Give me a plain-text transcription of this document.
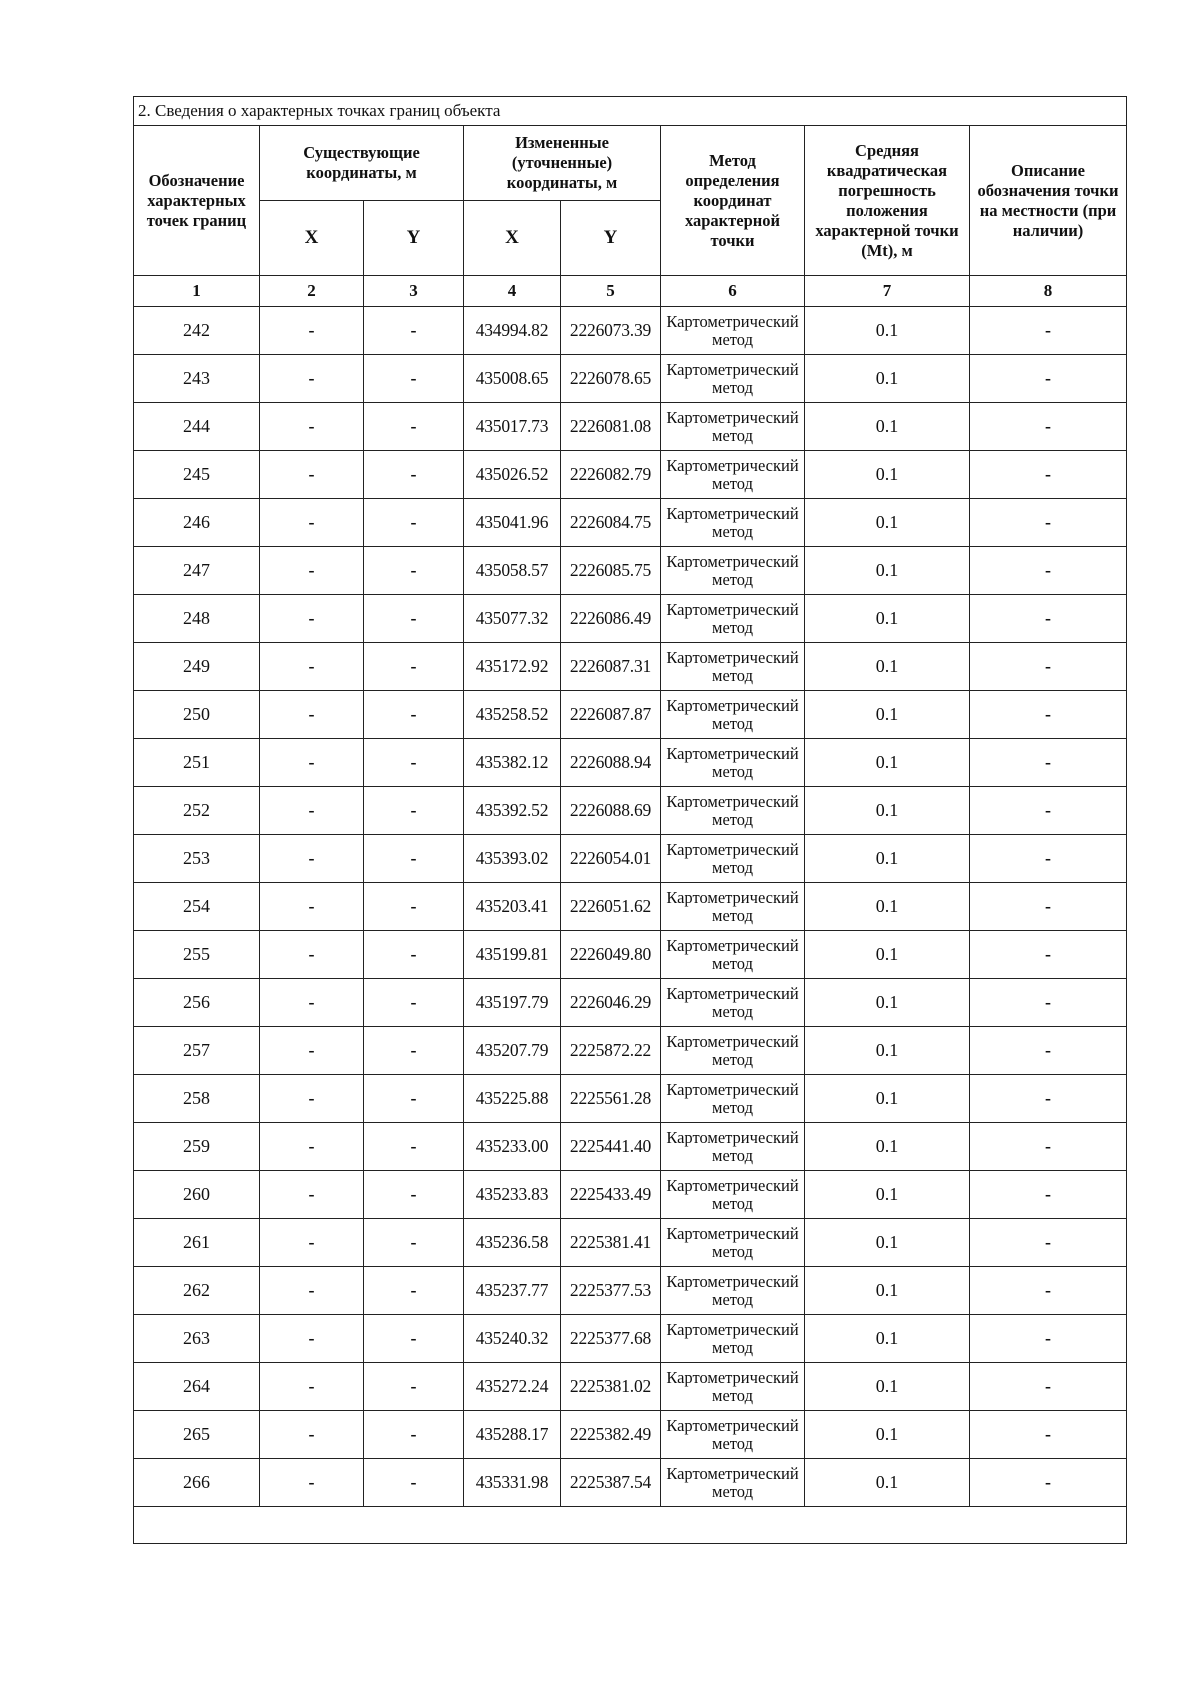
2. Сведения о характерных точках границ объекта							
Обозначение характерных точек границ	Существующие координаты, м		Измененные (уточненные) координаты, м		Метод определения координат характерной точки	Средняя квадратическая погрешность положения характерной точки (Mt), м	Описание обозначения точки на местности (при наличии)
	X	Y	X	Y			
1	2	3	4	5	6	7	8
242	-	-	434994.82	2226073.39	Картометрический метод	0.1	-
243	-	-	435008.65	2226078.65	Картометрический метод	0.1	-
244	-	-	435017.73	2226081.08	Картометрический метод	0.1	-
245	-	-	435026.52	2226082.79	Картометрический метод	0.1	-
246	-	-	435041.96	2226084.75	Картометрический метод	0.1	-
247	-	-	435058.57	2226085.75	Картометрический метод	0.1	-
248	-	-	435077.32	2226086.49	Картометрический метод	0.1	-
249	-	-	435172.92	2226087.31	Картометрический метод	0.1	-
250	-	-	435258.52	2226087.87	Картометрический метод	0.1	-
251	-	-	435382.12	2226088.94	Картометрический метод	0.1	-
252	-	-	435392.52	2226088.69	Картометрический метод	0.1	-
253	-	-	435393.02	2226054.01	Картометрический метод	0.1	-
254	-	-	435203.41	2226051.62	Картометрический метод	0.1	-
255	-	-	435199.81	2226049.80	Картометрический метод	0.1	-
256	-	-	435197.79	2226046.29	Картометрический метод	0.1	-
257	-	-	435207.79	2225872.22	Картометрический метод	0.1	-
258	-	-	435225.88	2225561.28	Картометрический метод	0.1	-
259	-	-	435233.00	2225441.40	Картометрический метод	0.1	-
260	-	-	435233.83	2225433.49	Картометрический метод	0.1	-
261	-	-	435236.58	2225381.41	Картометрический метод	0.1	-
262	-	-	435237.77	2225377.53	Картометрический метод	0.1	-
263	-	-	435240.32	2225377.68	Картометрический метод	0.1	-
264	-	-	435272.24	2225381.02	Картометрический метод	0.1	-
265	-	-	435288.17	2225382.49	Картометрический метод	0.1	-
266	-	-	435331.98	2225387.54	Картометрический метод	0.1	-
